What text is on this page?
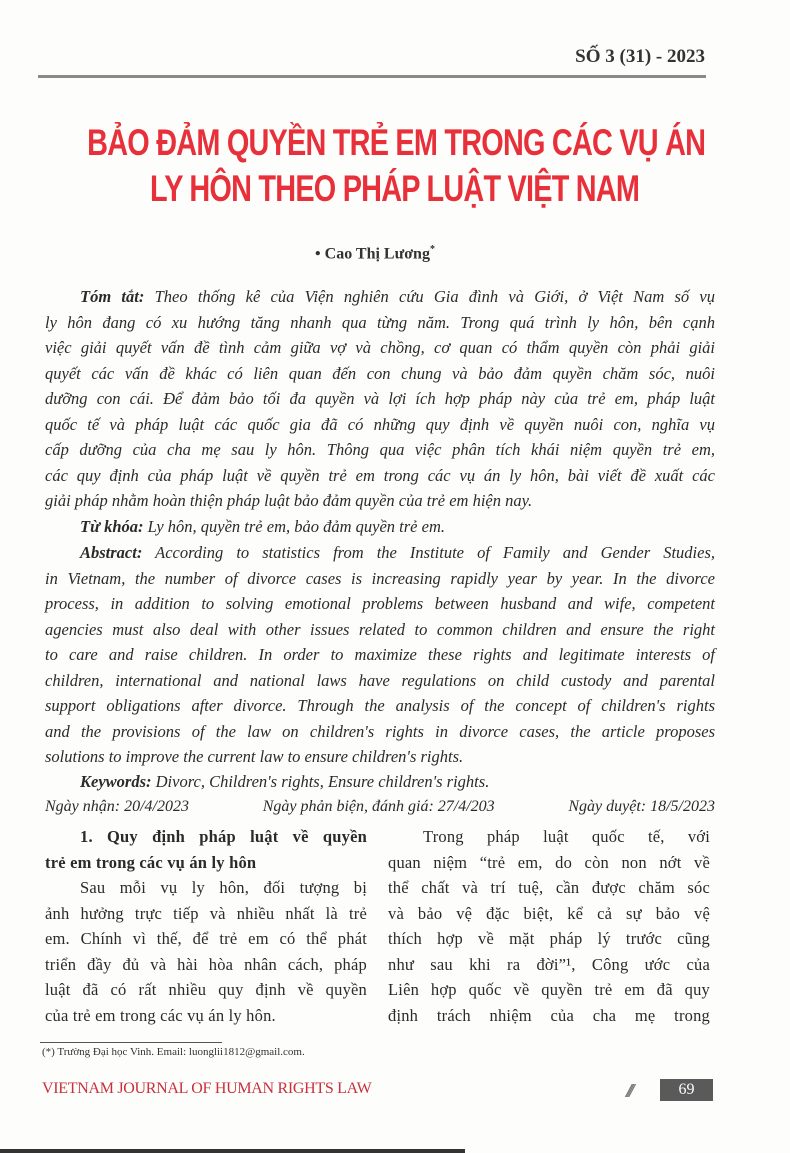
SỐ 3 (31) - 2023
BẢO ĐẢM QUYỀN TRẺ EM TRONG CÁC VỤ ÁN
LY HÔN THEO PHÁP LUẬT VIỆT NAM
• Cao Thị Lương*
Tóm tắt: Theo thống kê của Viện nghiên cứu Gia đình và Giới, ở Việt Nam số vụ
ly hôn đang có xu hướng tăng nhanh qua từng năm. Trong quá trình ly hôn, bên cạnh
việc giải quyết vấn đề tình cảm giữa vợ và chồng, cơ quan có thẩm quyền còn phải giải
quyết các vấn đề khác có liên quan đến con chung và bảo đảm quyền chăm sóc, nuôi
dưỡng con cái. Để đảm bảo tối đa quyền và lợi ích hợp pháp này của trẻ em, pháp luật
quốc tế và pháp luật các quốc gia đã có những quy định về quyền nuôi con, nghĩa vụ
cấp dưỡng của cha mẹ sau ly hôn. Thông qua việc phân tích khái niệm quyền trẻ em,
các quy định của pháp luật về quyền trẻ em trong các vụ án ly hôn, bài viết đề xuất các
giải pháp nhằm hoàn thiện pháp luật bảo đảm quyền của trẻ em hiện nay.
Từ khóa: Ly hôn, quyền trẻ em, bảo đảm quyền trẻ em.
Abstract: According to statistics from the Institute of Family and Gender Studies,
in Vietnam, the number of divorce cases is increasing rapidly year by year. In the divorce
process, in addition to solving emotional problems between husband and wife, competent
agencies must also deal with other issues related to common children and ensure the right
to care and raise children. In order to maximize these rights and legitimate interests of
children, international and national laws have regulations on child custody and parental
support obligations after divorce. Through the analysis of the concept of children's rights
and the provisions of the law on children's rights in divorce cases, the article proposes
solutions to improve the current law to ensure children's rights.
Keywords: Divorc, Children's rights, Ensure children's rights.
Ngày nhận: 20/4/2023	Ngày phản biện, đánh giá: 27/4/203	Ngày duyệt: 18/5/2023
1. Quy định pháp luật về quyền
trẻ em trong các vụ án ly hôn
Sau mỗi vụ ly hôn, đối tượng bị
ảnh hưởng trực tiếp và nhiều nhất là trẻ
em. Chính vì thế, để trẻ em có thể phát
triển đầy đủ và hài hòa nhân cách, pháp
luật đã có rất nhiều quy định về quyền
của trẻ em trong các vụ án ly hôn.
Trong pháp luật quốc tế, với
quan niệm “trẻ em, do còn non nớt về
thể chất và trí tuệ, cần được chăm sóc
và bảo vệ đặc biệt, kể cả sự bảo vệ
thích hợp về mặt pháp lý trước cũng
như sau khi ra đời”¹, Công ước của
Liên hợp quốc về quyền trẻ em đã quy
định trách nhiệm của cha mẹ trong
(*) Trường Đại học Vinh. Email: luonglii1812@gmail.com.
VIETNAM JOURNAL OF HUMAN RIGHTS LAW	///	69
